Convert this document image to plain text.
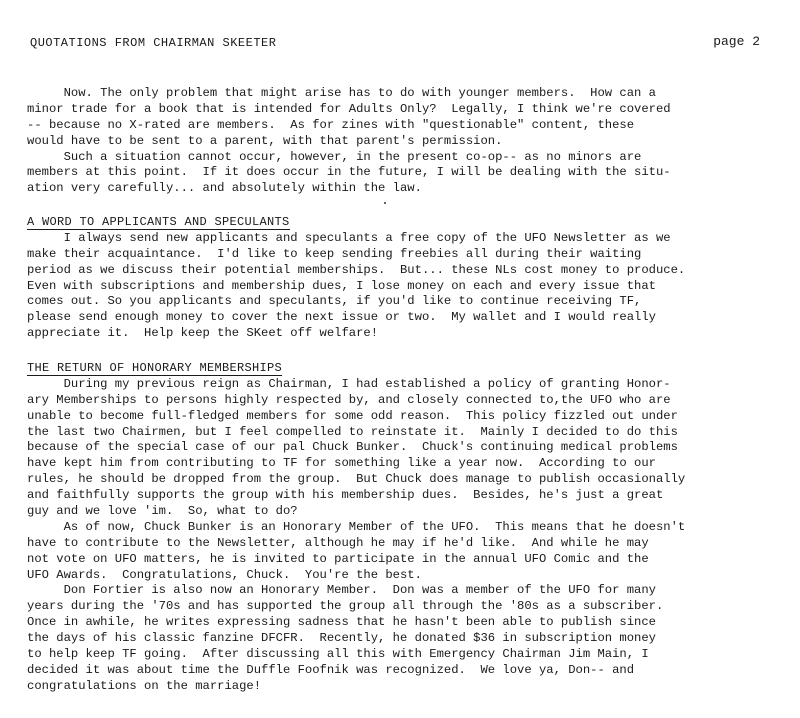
QUOTATIONS FROM CHAIRMAN SKEETER	page 2
Now. The only problem that might arise has to do with younger members.  How can a
minor trade for a book that is intended for Adults Only?  Legally, I think we're covered
-- because no X-rated are members.  As for zines with "questionable" content, these
would have to be sent to a parent, with that parent's permission.
Such a situation cannot occur, however, in the present co-op-- as no minors are
members at this point.  If it does occur in the future, I will be dealing with the situ-
ation very carefully... and absolutely within the law.
A WORD TO APPLICANTS AND SPECULANTS
I always send new applicants and speculants a free copy of the UFO Newsletter as we
make their acquaintance.  I'd like to keep sending freebies all during their waiting
period as we discuss their potential memberships.  But... these NLs cost money to produce.
Even with subscriptions and membership dues, I lose money on each and every issue that
comes out. So you applicants and speculants, if you'd like to continue receiving TF,
please send enough money to cover the next issue or two.  My wallet and I would really
appreciate it.  Help keep the SKeet off welfare!
THE RETURN OF HONORARY MEMBERSHIPS
During my previous reign as Chairman, I had established a policy of granting Honor-
ary Memberships to persons highly respected by, and closely connected to,the UFO who are
unable to become full-fledged members for some odd reason.  This policy fizzled out under
the last two Chairmen, but I feel compelled to reinstate it.  Mainly I decided to do this
because of the special case of our pal Chuck Bunker.  Chuck's continuing medical problems
have kept him from contributing to TF for something like a year now.  According to our
rules, he should be dropped from the group.  But Chuck does manage to publish occasionally
and faithfully supports the group with his membership dues.  Besides, he's just a great
guy and we love 'im.  So, what to do?
As of now, Chuck Bunker is an Honorary Member of the UFO.  This means that he doesn't
have to contribute to the Newsletter, although he may if he'd like.  And while he may
not vote on UFO matters, he is invited to participate in the annual UFO Comic and the
UFO Awards.  Congratulations, Chuck.  You're the best.
Don Fortier is also now an Honorary Member.  Don was a member of the UFO for many
years during the '70s and has supported the group all through the '80s as a subscriber.
Once in awhile, he writes expressing sadness that he hasn't been able to publish since
the days of his classic fanzine DFCFR.  Recently, he donated $36 in subscription money
to help keep TF going.  After discussing all this with Emergency Chairman Jim Main, I
decided it was about time the Duffle Foofnik was recognized.  We love ya, Don-- and
congratulations on the marriage!
